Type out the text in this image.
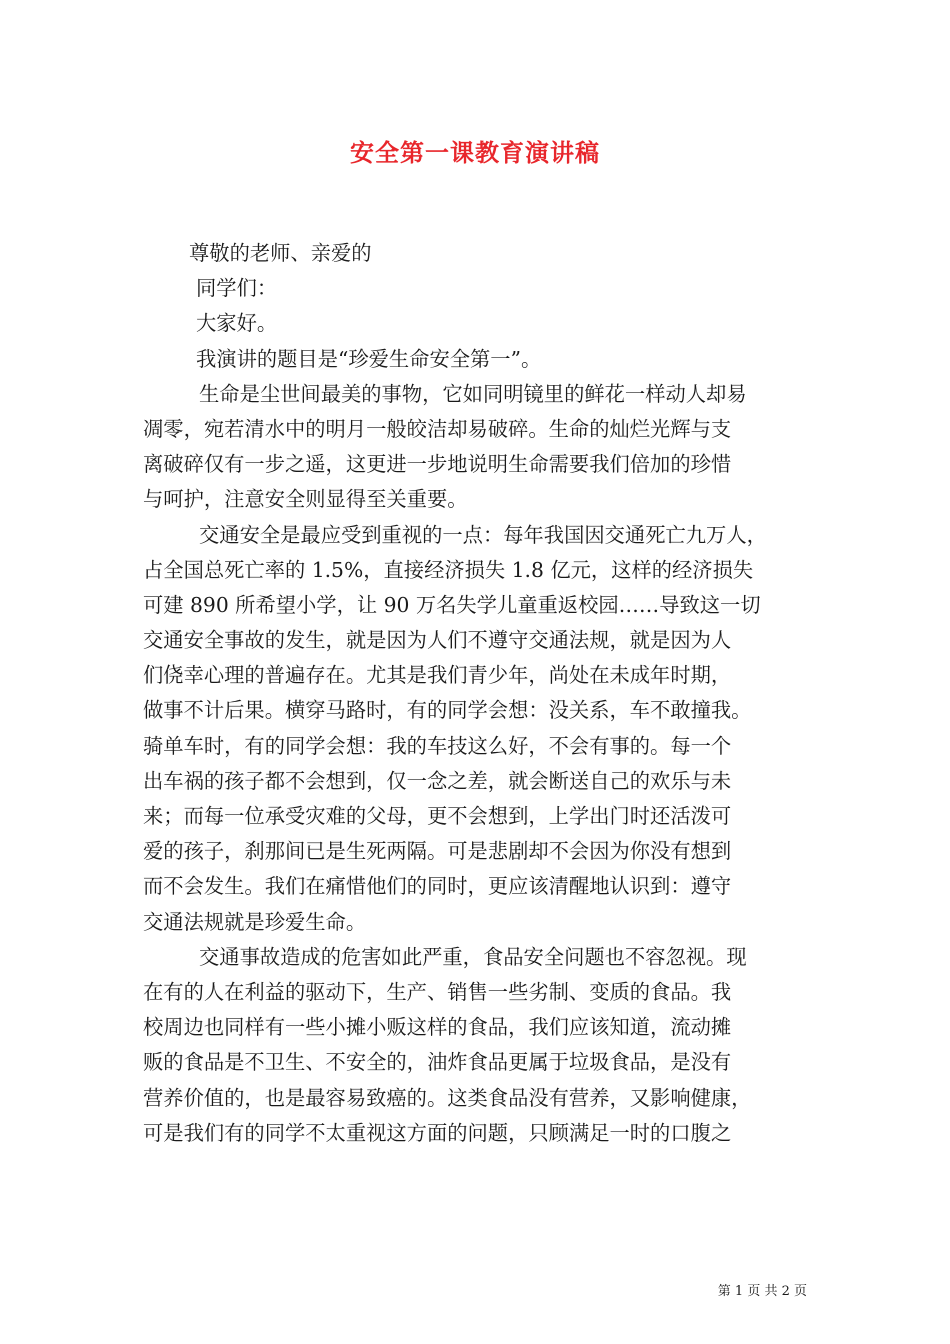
安全第一课教育演讲稿
尊敬的老师、亲爱的
同学们：
大家好。
我演讲的题目是“珍爱生命安全第一”。
生命是尘世间最美的事物，它如同明镜里的鲜花一样动人却易
凋零，宛若清水中的明月一般皎洁却易破碎。生命的灿烂光辉与支
离破碎仅有一步之遥，这更进一步地说明生命需要我们倍加的珍惜
与呵护，注意安全则显得至关重要。
交通安全是最应受到重视的一点：每年我国因交通死亡九万人，
占全国总死亡率的 1.5%，直接经济损失 1.8 亿元，这样的经济损失
可建 890 所希望小学，让 90 万名失学儿童重返校园……导致这一切
交通安全事故的发生，就是因为人们不遵守交通法规，就是因为人
们侥幸心理的普遍存在。尤其是我们青少年，尚处在未成年时期，
做事不计后果。横穿马路时，有的同学会想：没关系，车不敢撞我。
骑单车时，有的同学会想：我的车技这么好，不会有事的。每一个
出车祸的孩子都不会想到，仅一念之差，就会断送自己的欢乐与未
来；而每一位承受灾难的父母，更不会想到，上学出门时还活泼可
爱的孩子，刹那间已是生死两隔。可是悲剧却不会因为你没有想到
而不会发生。我们在痛惜他们的同时，更应该清醒地认识到：遵守
交通法规就是珍爱生命。
交通事故造成的危害如此严重，食品安全问题也不容忽视。现
在有的人在利益的驱动下，生产、销售一些劣制、变质的食品。我
校周边也同样有一些小摊小贩这样的食品，我们应该知道，流动摊
贩的食品是不卫生、不安全的，油炸食品更属于垃圾食品，是没有
营养价值的，也是最容易致癌的。这类食品没有营养，又影响健康，
可是我们有的同学不太重视这方面的问题，只顾满足一时的口腹之
第 1 页 共 2 页
